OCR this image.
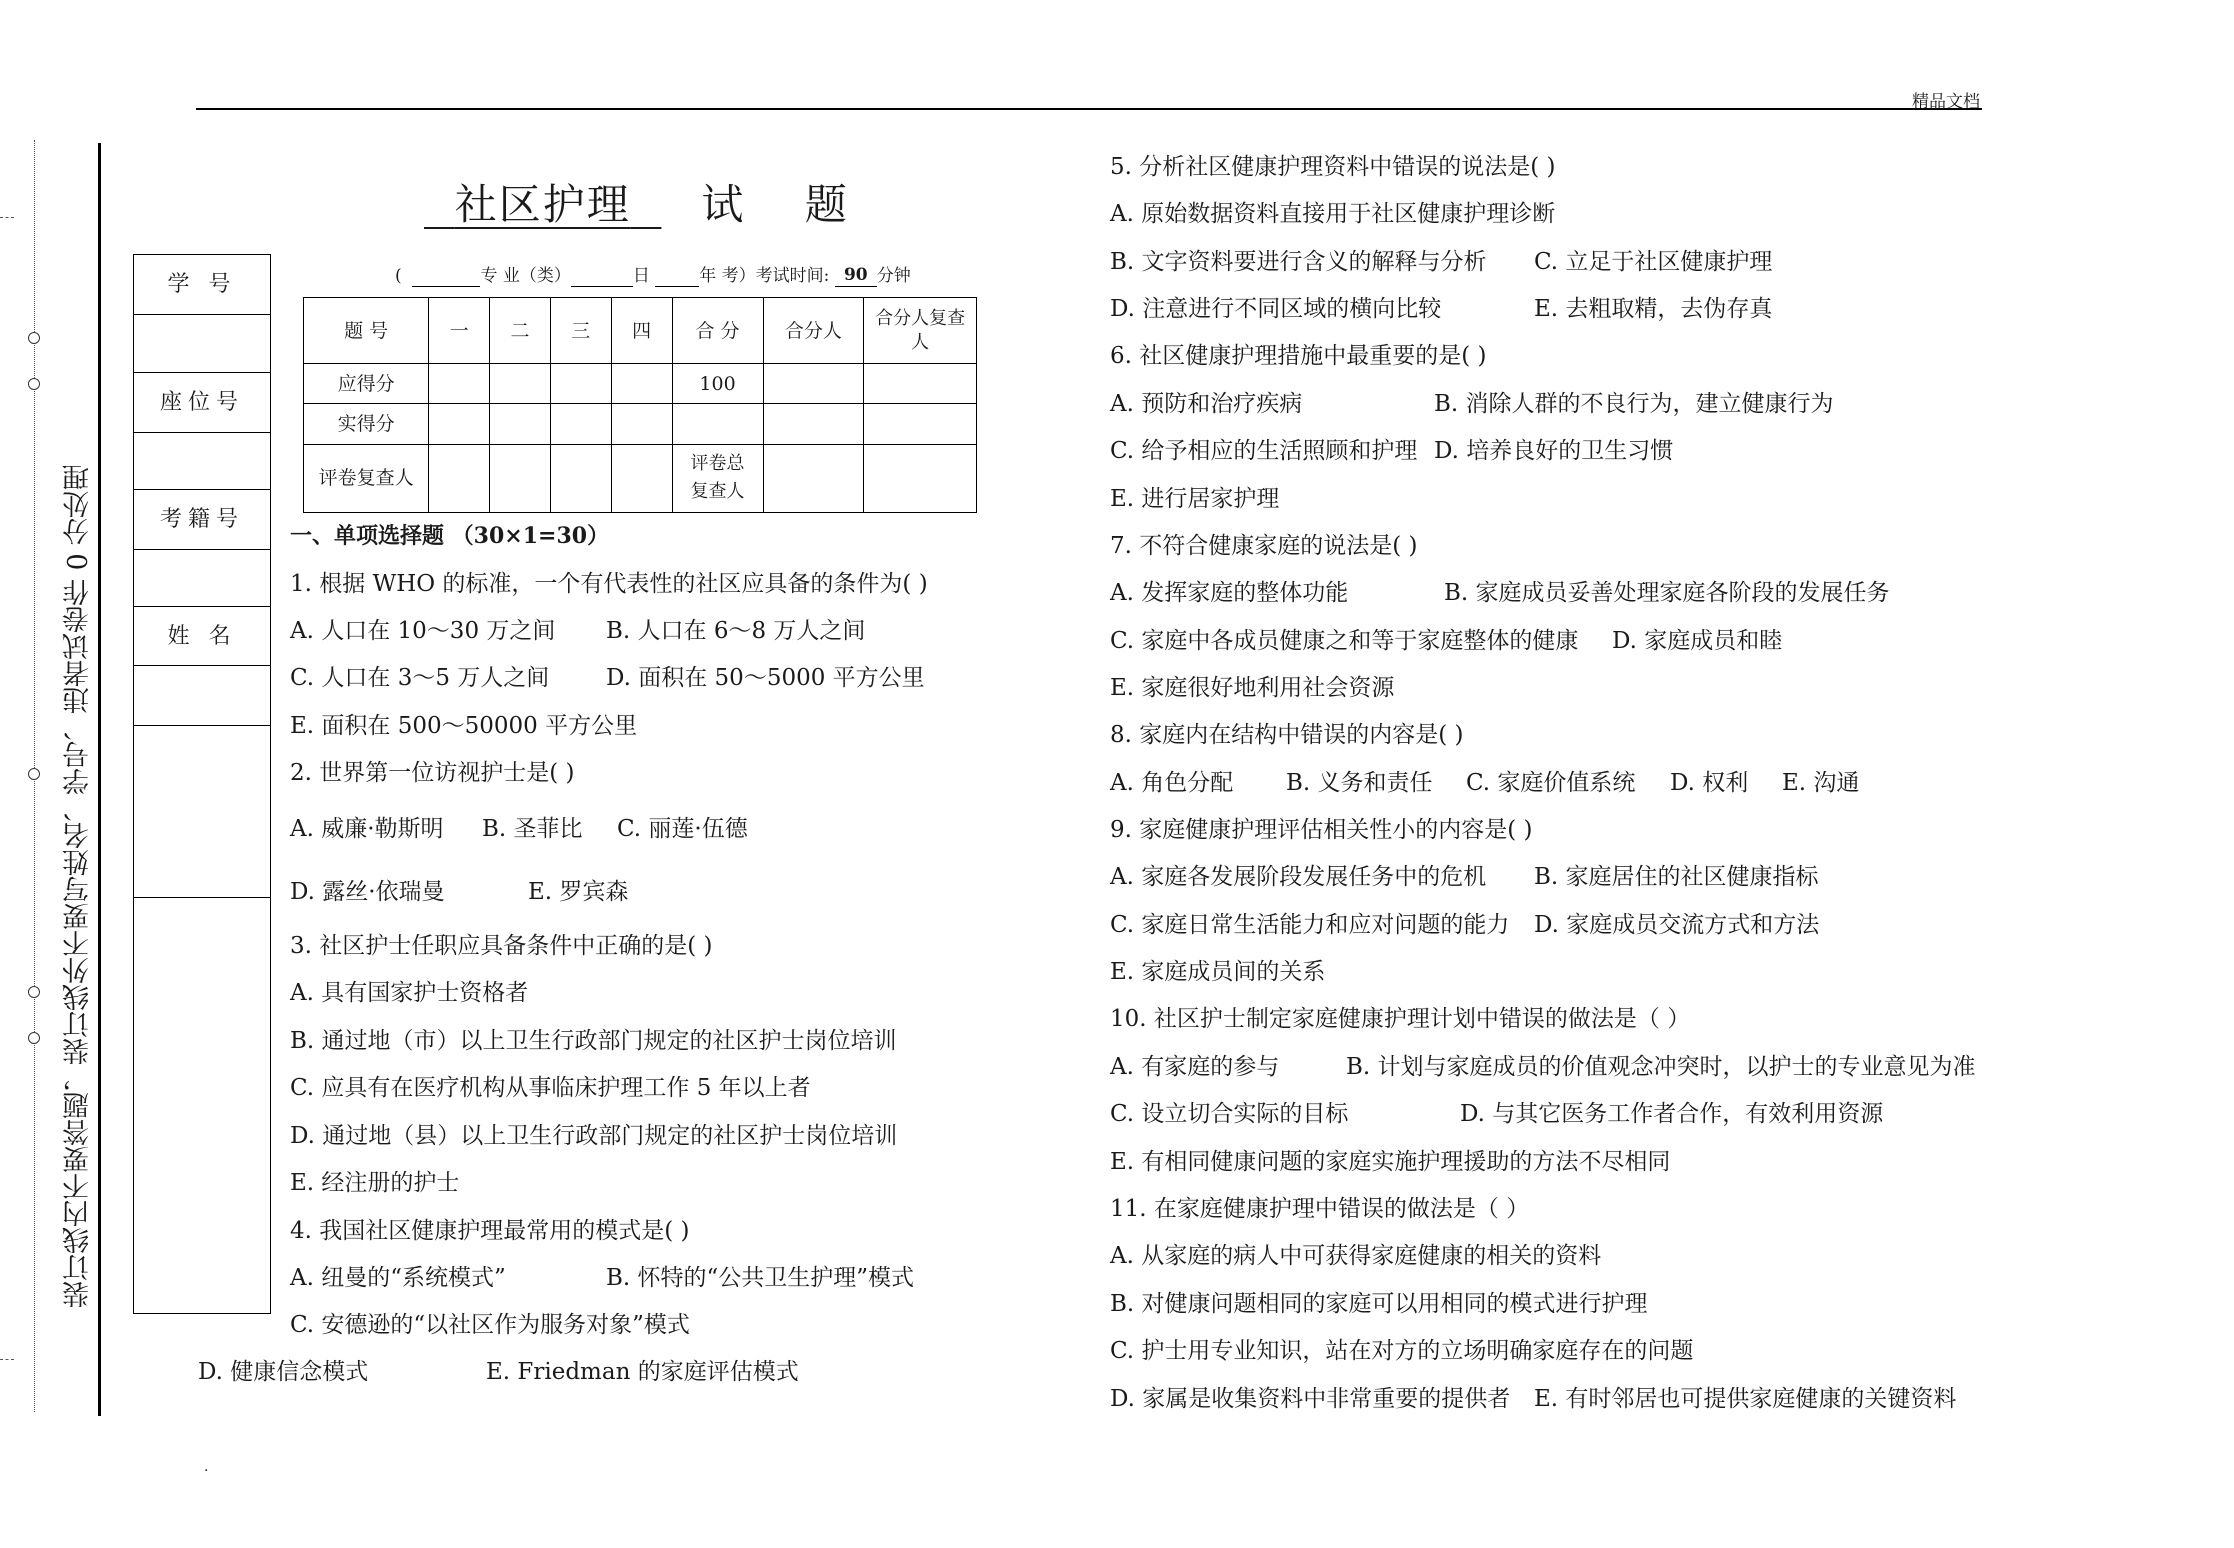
精品文档
装订线内不要答题，装订线外不要写姓名、学号、违者试卷作 0 分处理
社区护理 试 题
学 号
座位号
考籍号
姓 名
(	专 业（类）	日	年 考）考试时间: 90 分钟
题 号	一	二	三	四	合 分	合分人	合分人复查人
应得分					100		
实得分							
评卷复查人					评卷总复查人		
一、单项选择题 （30×1=30）
1. 根据 WHO 的标准，一个有代表性的社区应具备的条件为( )
A. 人口在 10～30 万之间 B. 人口在 6～8 万人之间
C. 人口在 3～5 万人之间 D. 面积在 50～5000 平方公里
E. 面积在 500～50000 平方公里
2. 世界第一位访视护士是( )
A. 威廉·勒斯明 B. 圣菲比 C. 丽莲·伍德
D. 露丝·依瑞曼	E. 罗宾森
3. 社区护士任职应具备条件中正确的是( )
A. 具有国家护士资格者
B. 通过地（市）以上卫生行政部门规定的社区护士岗位培训
C. 应具有在医疗机构从事临床护理工作 5 年以上者
D. 通过地（县）以上卫生行政部门规定的社区护士岗位培训
E. 经注册的护士
4. 我国社区健康护理最常用的模式是( )
A. 纽曼的“系统模式”	B. 怀特的“公共卫生护理”模式
C. 安德逊的“以社区作为服务对象”模式
D. 健康信念模式	E. Friedman 的家庭评估模式
5. 分析社区健康护理资料中错误的说法是( )
A. 原始数据资料直接用于社区健康护理诊断
B. 文字资料要进行含义的解释与分析 C. 立足于社区健康护理
D. 注意进行不同区域的横向比较	E. 去粗取精，去伪存真
6. 社区健康护理措施中最重要的是( )
A. 预防和治疗疾病	B. 消除人群的不良行为，建立健康行为
C. 给予相应的生活照顾和护理 D. 培养良好的卫生习惯
E. 进行居家护理
7. 不符合健康家庭的说法是( )
A. 发挥家庭的整体功能	B. 家庭成员妥善处理家庭各阶段的发展任务
C. 家庭中各成员健康之和等于家庭整体的健康 D. 家庭成员和睦
E. 家庭很好地利用社会资源
8. 家庭内在结构中错误的内容是( )
A. 角色分配 B. 义务和责任 C. 家庭价值系统 D. 权利 E. 沟通
9. 家庭健康护理评估相关性小的内容是( )
A. 家庭各发展阶段发展任务中的危机 B. 家庭居住的社区健康指标
C. 家庭日常生活能力和应对问题的能力 D. 家庭成员交流方式和方法
E. 家庭成员间的关系
10. 社区护士制定家庭健康护理计划中错误的做法是（ ）
A. 有家庭的参与	B. 计划与家庭成员的价值观念冲突时，以护士的专业意见为准
C. 设立切合实际的目标	D. 与其它医务工作者合作，有效利用资源
E. 有相同健康问题的家庭实施护理援助的方法不尽相同
11. 在家庭健康护理中错误的做法是（ ）
A. 从家庭的病人中可获得家庭健康的相关的资料
B. 对健康问题相同的家庭可以用相同的模式进行护理
C. 护士用专业知识，站在对方的立场明确家庭存在的问题
D. 家属是收集资料中非常重要的提供者 E. 有时邻居也可提供家庭健康的关键资料
.
